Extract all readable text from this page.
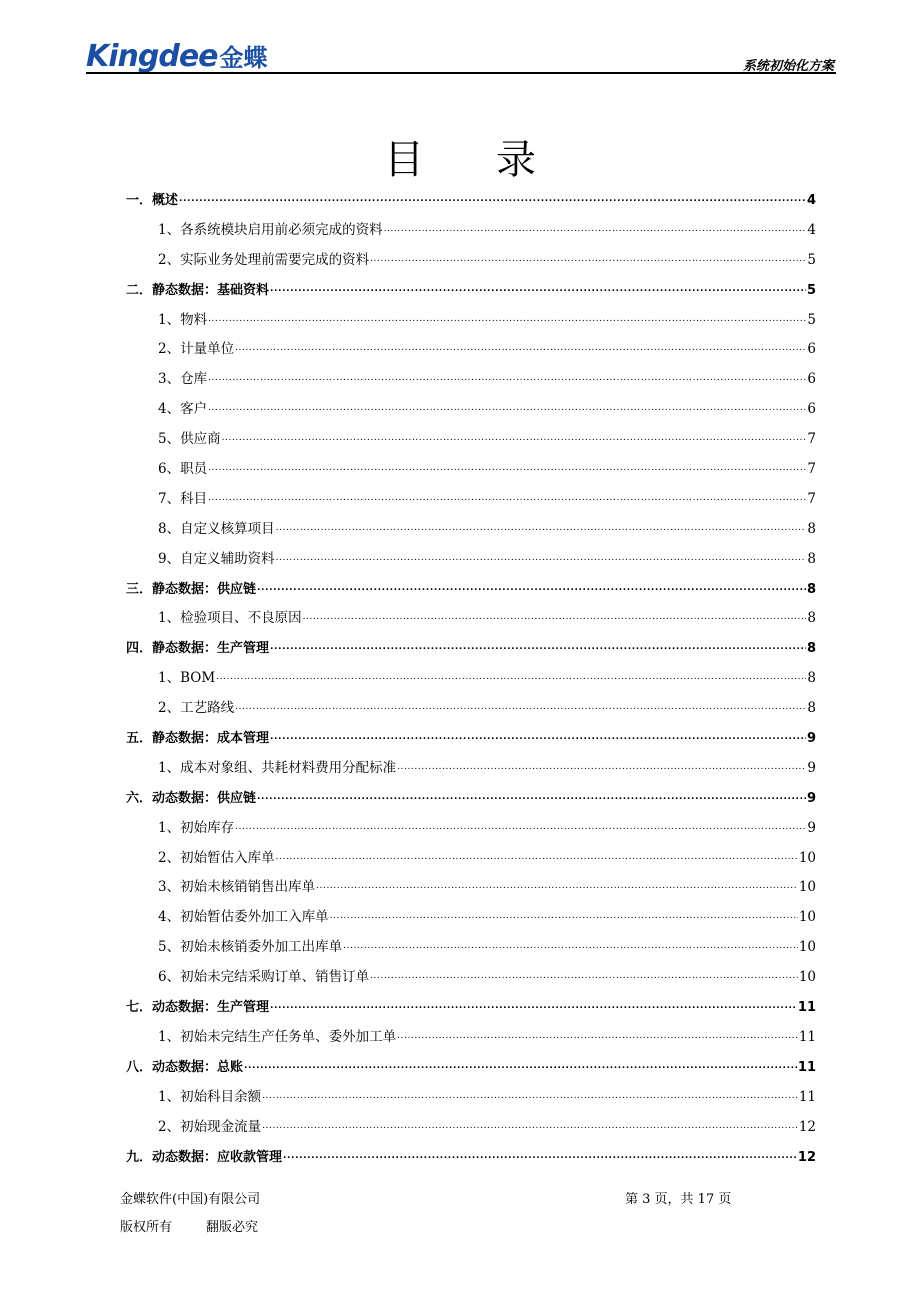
Kingdee金蝶	系统初始化方案
目录
一．概述 .....	4
1、各系统模块启用前必须完成的资料 .....	4
2、实际业务处理前需要完成的资料 .....	5
二．静态数据：基础资料 .....	5
1、物料 .....	5
2、计量单位 .....	6
3、仓库 .....	6
4、客户 .....	6
5、供应商 .....	7
6、职员 .....	7
7、科目 .....	7
8、自定义核算项目 .....	8
9、自定义辅助资料 .....	8
三．静态数据：供应链 .....	8
1、检验项目、不良原因 .....	8
四．静态数据：生产管理 .....	8
1、BOM .....	8
2、工艺路线 .....	8
五．静态数据：成本管理 .....	9
1、成本对象组、共耗材料费用分配标准 .....	9
六．动态数据：供应链 .....	9
1、初始库存 .....	9
2、初始暂估入库单 .....	10
3、初始未核销销售出库单 .....	10
4、初始暂估委外加工入库单 .....	10
5、初始未核销委外加工出库单 .....	10
6、初始未完结采购订单、销售订单 .....	10
七．动态数据：生产管理 .....	11
1、初始未完结生产任务单、委外加工单 .....	11
八．动态数据：总账 .....	11
1、初始科目余额 .....	11
2、初始现金流量 .....	12
九．动态数据：应收款管理 .....	12
金蝶软件(中国)有限公司	第 3 页，共 17 页
版权所有	翻版必究
